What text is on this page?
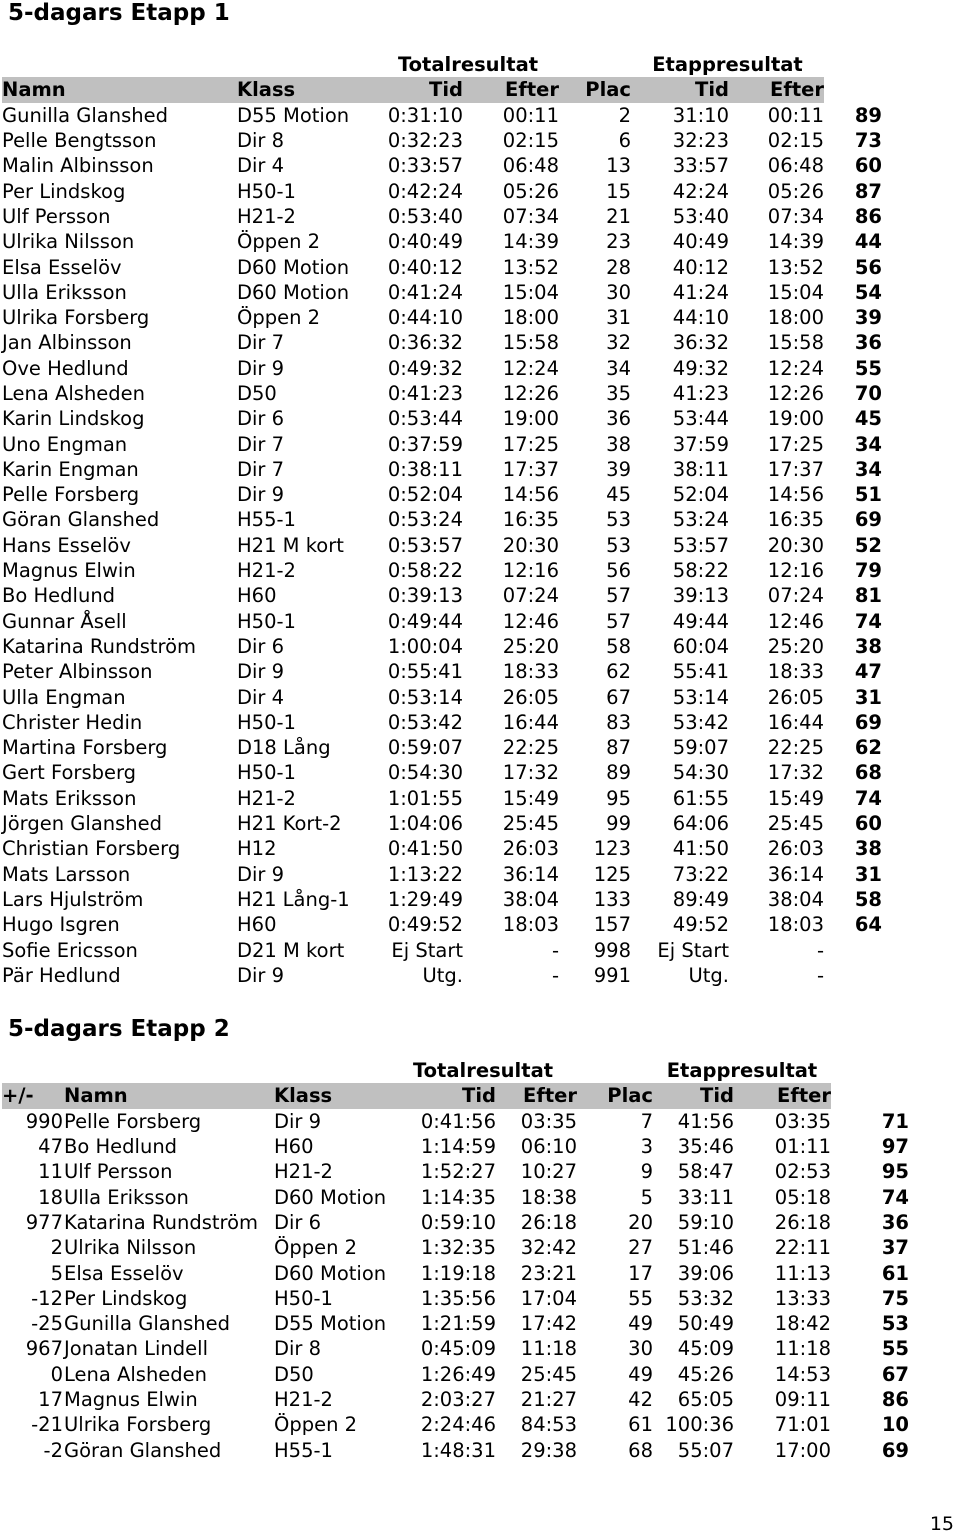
5-dagars Etapp 1
		Totalresultat			Etappresultat		
Namn	Klass	Tid	Efter	Plac	Tid	Efter	
Gunilla Glanshed	D55 Motion	0:31:10	00:11	2	31:10	00:11	89
Pelle Bengtsson	Dir 8	0:32:23	02:15	6	32:23	02:15	73
Malin Albinsson	Dir 4	0:33:57	06:48	13	33:57	06:48	60
Per Lindskog	H50-1	0:42:24	05:26	15	42:24	05:26	87
Ulf Persson	H21-2	0:53:40	07:34	21	53:40	07:34	86
Ulrika Nilsson	Öppen 2	0:40:49	14:39	23	40:49	14:39	44
Elsa Esselöv	D60 Motion	0:40:12	13:52	28	40:12	13:52	56
Ulla Eriksson	D60 Motion	0:41:24	15:04	30	41:24	15:04	54
Ulrika Forsberg	Öppen 2	0:44:10	18:00	31	44:10	18:00	39
Jan Albinsson	Dir 7	0:36:32	15:58	32	36:32	15:58	36
Ove Hedlund	Dir 9	0:49:32	12:24	34	49:32	12:24	55
Lena Alsheden	D50	0:41:23	12:26	35	41:23	12:26	70
Karin Lindskog	Dir 6	0:53:44	19:00	36	53:44	19:00	45
Uno Engman	Dir 7	0:37:59	17:25	38	37:59	17:25	34
Karin Engman	Dir 7	0:38:11	17:37	39	38:11	17:37	34
Pelle Forsberg	Dir 9	0:52:04	14:56	45	52:04	14:56	51
Göran Glanshed	H55-1	0:53:24	16:35	53	53:24	16:35	69
Hans Esselöv	H21 M kort	0:53:57	20:30	53	53:57	20:30	52
Magnus Elwin	H21-2	0:58:22	12:16	56	58:22	12:16	79
Bo Hedlund	H60	0:39:13	07:24	57	39:13	07:24	81
Gunnar Åsell	H50-1	0:49:44	12:46	57	49:44	12:46	74
Katarina Rundström	Dir 6	1:00:04	25:20	58	60:04	25:20	38
Peter Albinsson	Dir 9	0:55:41	18:33	62	55:41	18:33	47
Ulla Engman	Dir 4	0:53:14	26:05	67	53:14	26:05	31
Christer Hedin	H50-1	0:53:42	16:44	83	53:42	16:44	69
Martina Forsberg	D18 Lång	0:59:07	22:25	87	59:07	22:25	62
Gert Forsberg	H50-1	0:54:30	17:32	89	54:30	17:32	68
Mats Eriksson	H21-2	1:01:55	15:49	95	61:55	15:49	74
Jörgen Glanshed	H21 Kort-2	1:04:06	25:45	99	64:06	25:45	60
Christian Forsberg	H12	0:41:50	26:03	123	41:50	26:03	38
Mats Larsson	Dir 9	1:13:22	36:14	125	73:22	36:14	31
Lars Hjulström	H21 Lång-1	1:29:49	38:04	133	89:49	38:04	58
Hugo Isgren	H60	0:49:52	18:03	157	49:52	18:03	64
Sofie Ericsson	D21 M kort	Ej Start	-	998	Ej Start	-	
Pär Hedlund	Dir 9	Utg.	-	991	Utg.	-	
5-dagars Etapp 2
			Totalresultat			Etappresultat		
+/-	Namn	Klass	Tid	Efter	Plac	Tid	Efter	
990	Pelle Forsberg	Dir 9	0:41:56	03:35	7	41:56	03:35	71
47	Bo Hedlund	H60	1:14:59	06:10	3	35:46	01:11	97
11	Ulf Persson	H21-2	1:52:27	10:27	9	58:47	02:53	95
18	Ulla Eriksson	D60 Motion	1:14:35	18:38	5	33:11	05:18	74
977	Katarina Rundström	Dir 6	0:59:10	26:18	20	59:10	26:18	36
2	Ulrika Nilsson	Öppen 2	1:32:35	32:42	27	51:46	22:11	37
5	Elsa Esselöv	D60 Motion	1:19:18	23:21	17	39:06	11:13	61
-12	Per Lindskog	H50-1	1:35:56	17:04	55	53:32	13:33	75
-25	Gunilla Glanshed	D55 Motion	1:21:59	17:42	49	50:49	18:42	53
967	Jonatan Lindell	Dir 8	0:45:09	11:18	30	45:09	11:18	55
0	Lena Alsheden	D50	1:26:49	25:45	49	45:26	14:53	67
17	Magnus Elwin	H21-2	2:03:27	21:27	42	65:05	09:11	86
-21	Ulrika Forsberg	Öppen 2	2:24:46	84:53	61	100:36	71:01	10
-2	Göran Glanshed	H55-1	1:48:31	29:38	68	55:07	17:00	69
15
